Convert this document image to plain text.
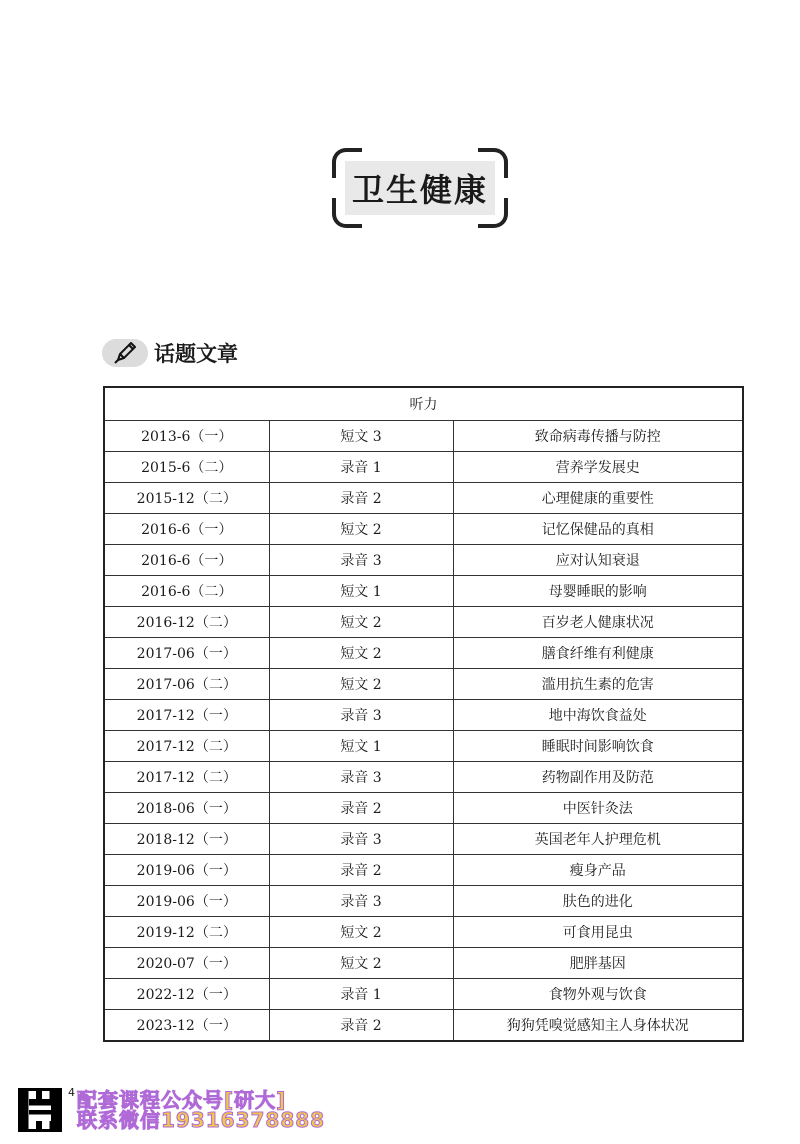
卫生健康
话题文章
听力		
2013-6（一）	短文 3	致命病毒传播与防控
2015-6（二）	录音 1	营养学发展史
2015-12（二）	录音 2	心理健康的重要性
2016-6（一）	短文 2	记忆保健品的真相
2016-6（一）	录音 3	应对认知衰退
2016-6（二）	短文 1	母婴睡眠的影响
2016-12（二）	短文 2	百岁老人健康状况
2017-06（一）	短文 2	膳食纤维有利健康
2017-06（二）	短文 2	滥用抗生素的危害
2017-12（一）	录音 3	地中海饮食益处
2017-12（二）	短文 1	睡眠时间影响饮食
2017-12（二）	录音 3	药物副作用及防范
2018-06（一）	录音 2	中医针灸法
2018-12（一）	录音 3	英国老年人护理危机
2019-06（一）	录音 2	瘦身产品
2019-06（一）	录音 3	肤色的进化
2019-12（二）	短文 2	可食用昆虫
2020-07（一）	短文 2	肥胖基因
2022-12（一）	录音 1	食物外观与饮食
2023-12（一）	录音 2	狗狗凭嗅觉感知主人身体状况
4 配套课程公众号[研大]
联系微信19316378888
